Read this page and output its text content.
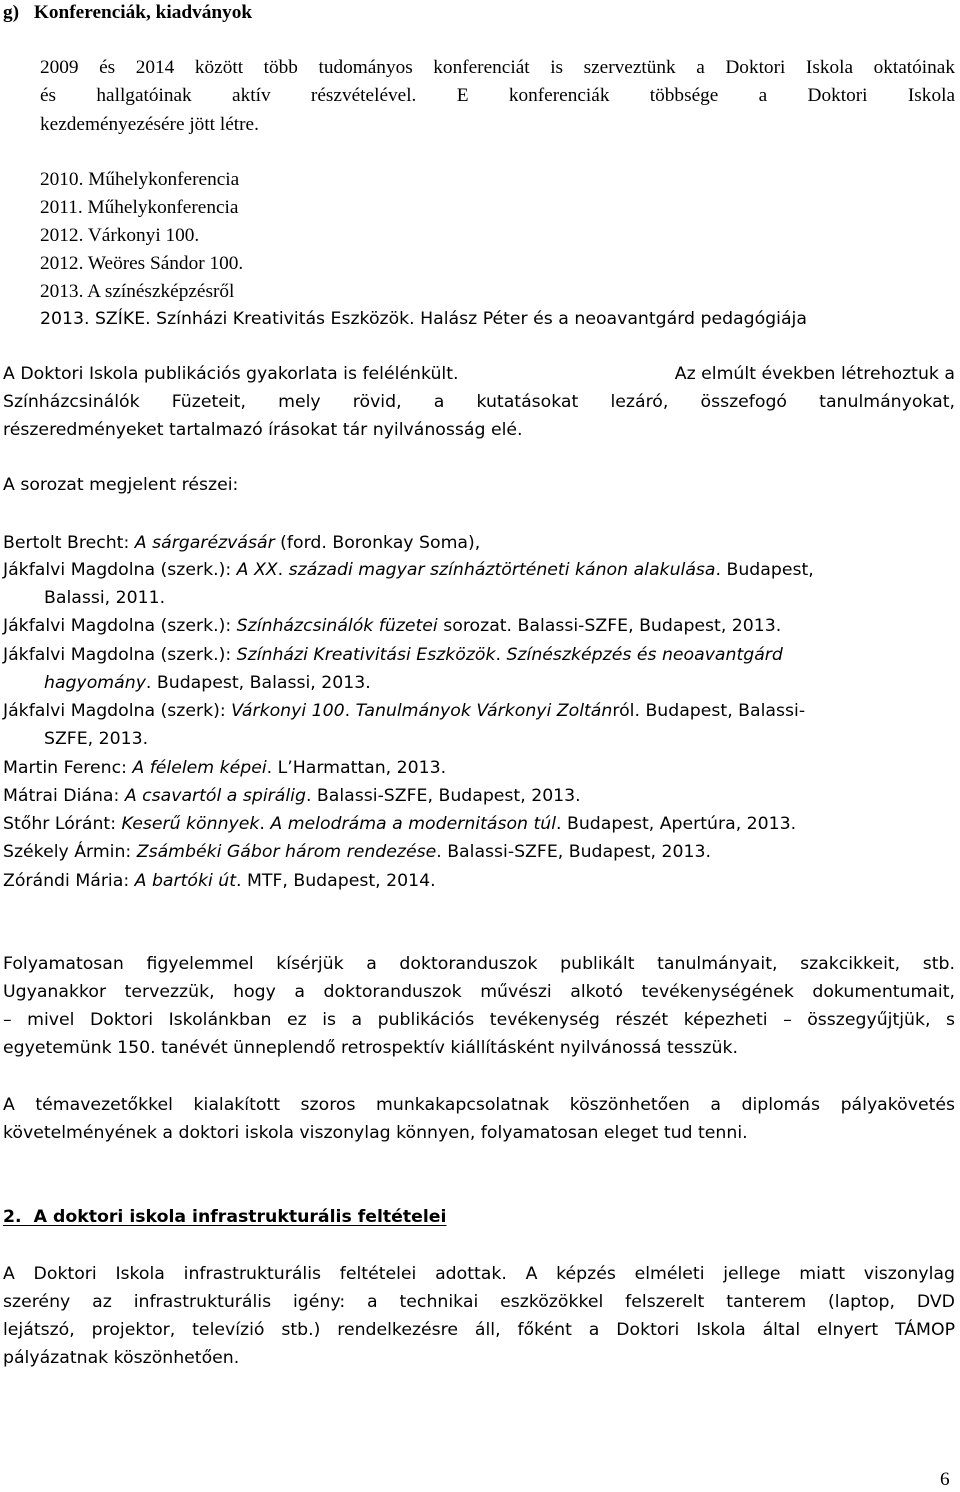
g) Konferenciák, kiadványok
2009 és 2014 között több tudományos konferenciát is szerveztünk a Doktori Iskola oktatóinak
és hallgatóinak aktív részvételével. E konferenciák többsége a Doktori Iskola
kezdeményezésére jött létre.
2010. Műhelykonferencia
2011. Műhelykonferencia
2012. Várkonyi 100.
2012. Weöres Sándor 100.
2013. A színészképzésről
2013. SZÍKE. Színházi Kreativitás Eszközök. Halász Péter és a neoavantgárd pedagógiája
A Doktori Iskola publikációs gyakorlata is felélénkült.	Az elmúlt években létrehoztuk a
Színházcsinálók Füzeteit, mely rövid, a kutatásokat lezáró, összefogó tanulmányokat,
részeredményeket tartalmazó írásokat tár nyilvánosság elé.
A sorozat megjelent részei:
Bertolt Brecht: A sárgarézvásár (ford. Boronkay Soma),
Jákfalvi Magdolna (szerk.): A XX. századi magyar színháztörténeti kánon alakulása. Budapest,
Balassi, 2011.
Jákfalvi Magdolna (szerk.): Színházcsinálók füzetei sorozat. Balassi-SZFE, Budapest, 2013.
Jákfalvi Magdolna (szerk.): Színházi Kreativitási Eszközök. Színészképzés és neoavantgárd
hagyomány. Budapest, Balassi, 2013.
Jákfalvi Magdolna (szerk): Várkonyi 100. Tanulmányok Várkonyi Zoltánról. Budapest, Balassi-
SZFE, 2013.
Martin Ferenc: A félelem képei. L’Harmattan, 2013.
Mátrai Diána: A csavartól a spirálig. Balassi-SZFE, Budapest, 2013.
Stőhr Lóránt: Keserű könnyek. A melodráma a modernitáson túl. Budapest, Apertúra, 2013.
Székely Ármin: Zsámbéki Gábor három rendezése. Balassi-SZFE, Budapest, 2013.
Zórándi Mária: A bartóki út. MTF, Budapest, 2014.
Folyamatosan figyelemmel kísérjük a doktoranduszok publikált tanulmányait, szakcikkeit, stb.
Ugyanakkor tervezzük, hogy a doktoranduszok művészi alkotó tevékenységének dokumentumait,
– mivel Doktori Iskolánkban ez is a publikációs tevékenység részét képezheti – összegyűjtjük, s
egyetemünk 150. tanévét ünneplendő retrospektív kiállításként nyilvánossá tesszük.
A témavezetőkkel kialakított szoros munkakapcsolatnak köszönhetően a diplomás pályakövetés
követelményének a doktori iskola viszonylag könnyen, folyamatosan eleget tud tenni.
2.  A doktori iskola infrastrukturális feltételei
A Doktori Iskola infrastrukturális feltételei adottak. A képzés elméleti jellege miatt viszonylag
szerény az infrastrukturális igény: a technikai eszközökkel felszerelt tanterem (laptop, DVD
lejátszó, projektor, televízió stb.) rendelkezésre áll, főként a Doktori Iskola által elnyert TÁMOP
pályázatnak köszönhetően.
6
